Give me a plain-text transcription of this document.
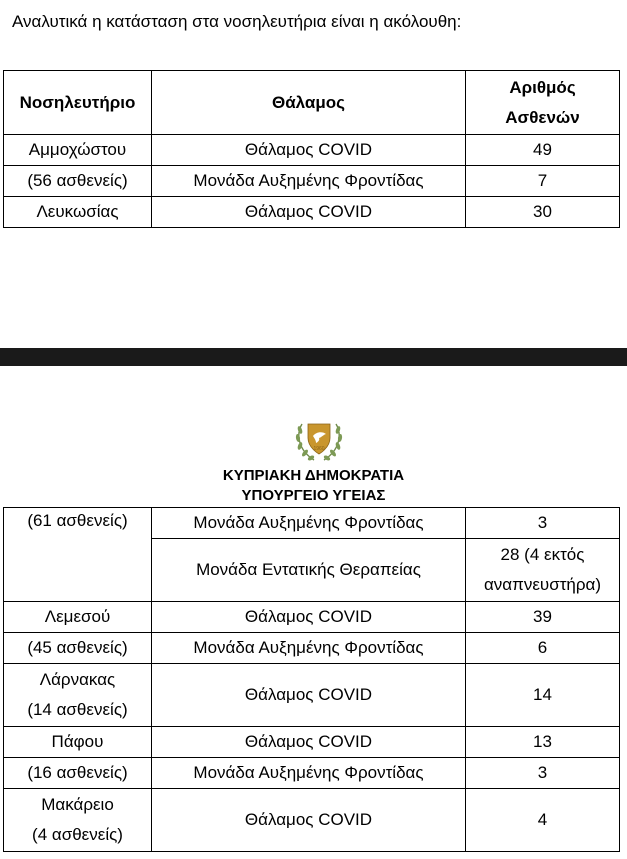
Αναλυτικά η κατάσταση στα νοσηλευτήρια είναι η ακόλουθη:
Νοσηλευτήριο	Θάλαμος	Αριθμός
Ασθενών

Αμμοχώστου	Θάλαμος COVID	49
(56 ασθενείς)	Μονάδα Αυξημένης Φροντίδας	7
Λευκωσίας	Θάλαμος COVID	30
1960
ΚΥΠΡΙΑΚΗ ΔΗΜΟΚΡΑΤΙΑ
ΥΠΟΥΡΓΕΙΟ ΥΓΕΙΑΣ
(61 ασθενείς)	Μονάδα Αυξημένης Φροντίδας	3
	Μονάδα Εντατικής Θεραπείας	28 (4 εκτός
αναπνευστήρα)

Λεμεσού	Θάλαμος COVID	39
(45 ασθενείς)	Μονάδα Αυξημένης Φροντίδας	6

Λάρνακας
(14 ασθενείς)	Θάλαμος COVID	14
Πάφου	Θάλαμος COVID	13
(16 ασθενείς)	Μονάδα Αυξημένης Φροντίδας	3

Μακάρειο
(4 ασθενείς)	Θάλαμος COVID	4
